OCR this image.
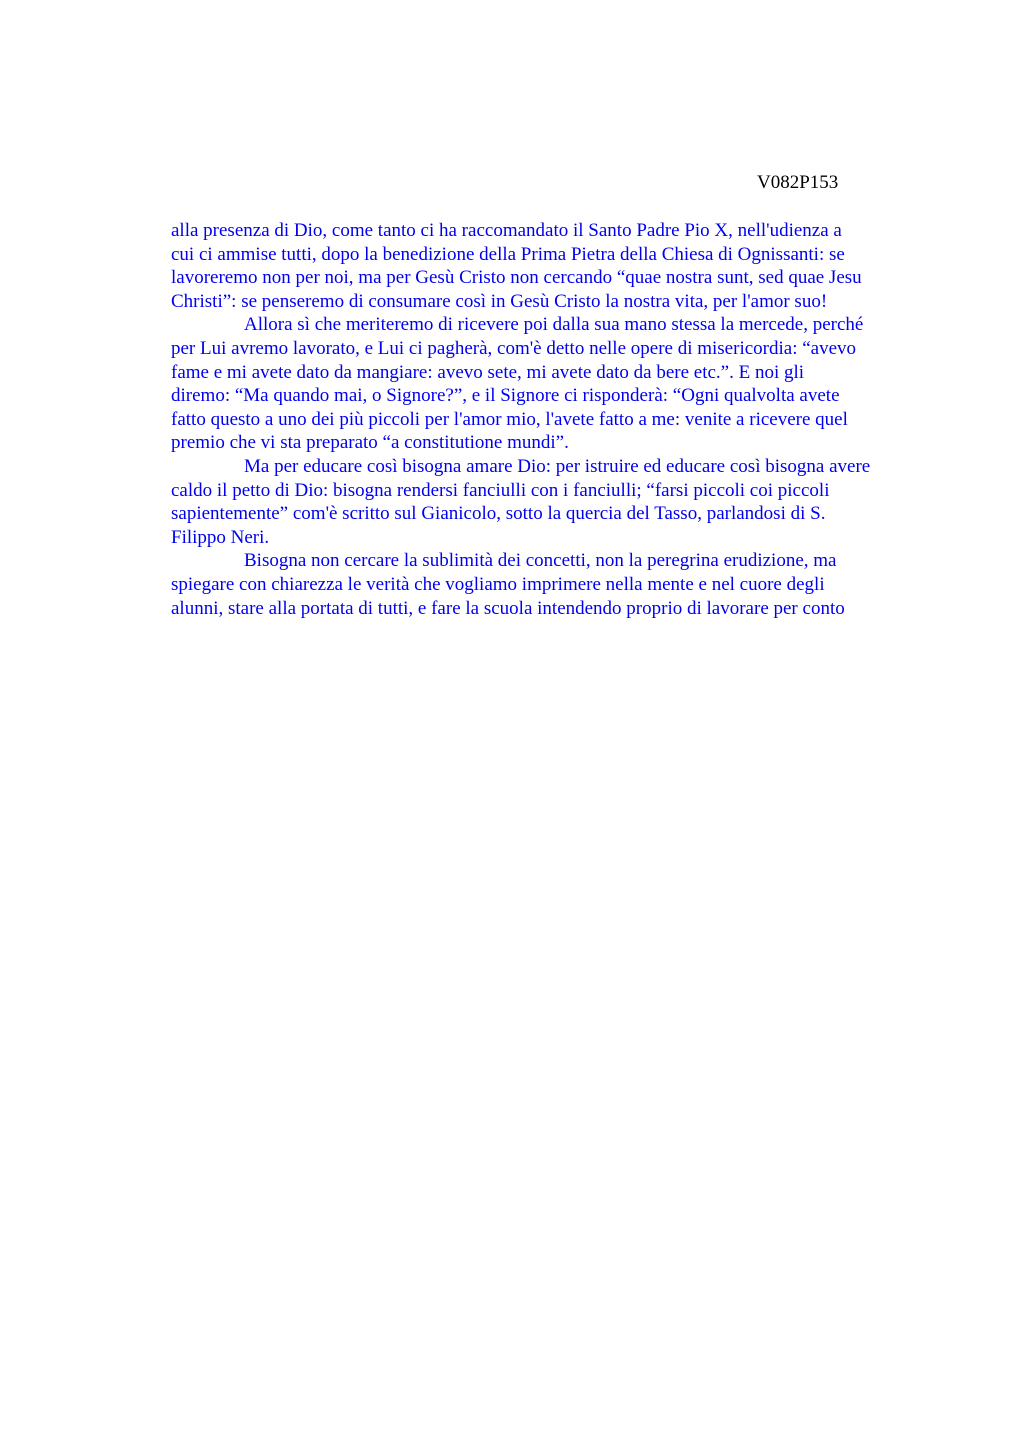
V082P153
alla presenza di Dio, come tanto ci ha raccomandato il Santo Padre Pio X, nell'udienza a
cui ci ammise tutti, dopo la benedizione della Prima Pietra della Chiesa di Ognissanti: se
lavoreremo non per noi, ma per Gesù Cristo non cercando “quae nostra sunt, sed quae Jesu
Christi”: se penseremo di consumare così in Gesù Cristo la nostra vita, per l'amor suo!
Allora sì che meriteremo di ricevere poi dalla sua mano stessa la mercede, perché
per Lui avremo lavorato, e Lui ci pagherà, com'è detto nelle opere di misericordia: “avevo
fame e mi avete dato da mangiare: avevo sete, mi avete dato da bere etc.”. E noi gli
diremo: “Ma quando mai, o Signore?”, e il Signore ci risponderà: “Ogni qualvolta avete
fatto questo a uno dei più piccoli per l'amor mio, l'avete fatto a me: venite a ricevere quel
premio che vi sta preparato “a constitutione mundi”.
Ma per educare così bisogna amare Dio: per istruire ed educare così bisogna avere
caldo il petto di Dio: bisogna rendersi fanciulli con i fanciulli; “farsi piccoli coi piccoli
sapientemente” com'è scritto sul Gianicolo, sotto la quercia del Tasso, parlandosi di S.
Filippo Neri.
Bisogna non cercare la sublimità dei concetti, non la peregrina erudizione, ma
spiegare con chiarezza le verità che vogliamo imprimere nella mente e nel cuore degli
alunni, stare alla portata di tutti, e fare la scuola intendendo proprio di lavorare per conto
